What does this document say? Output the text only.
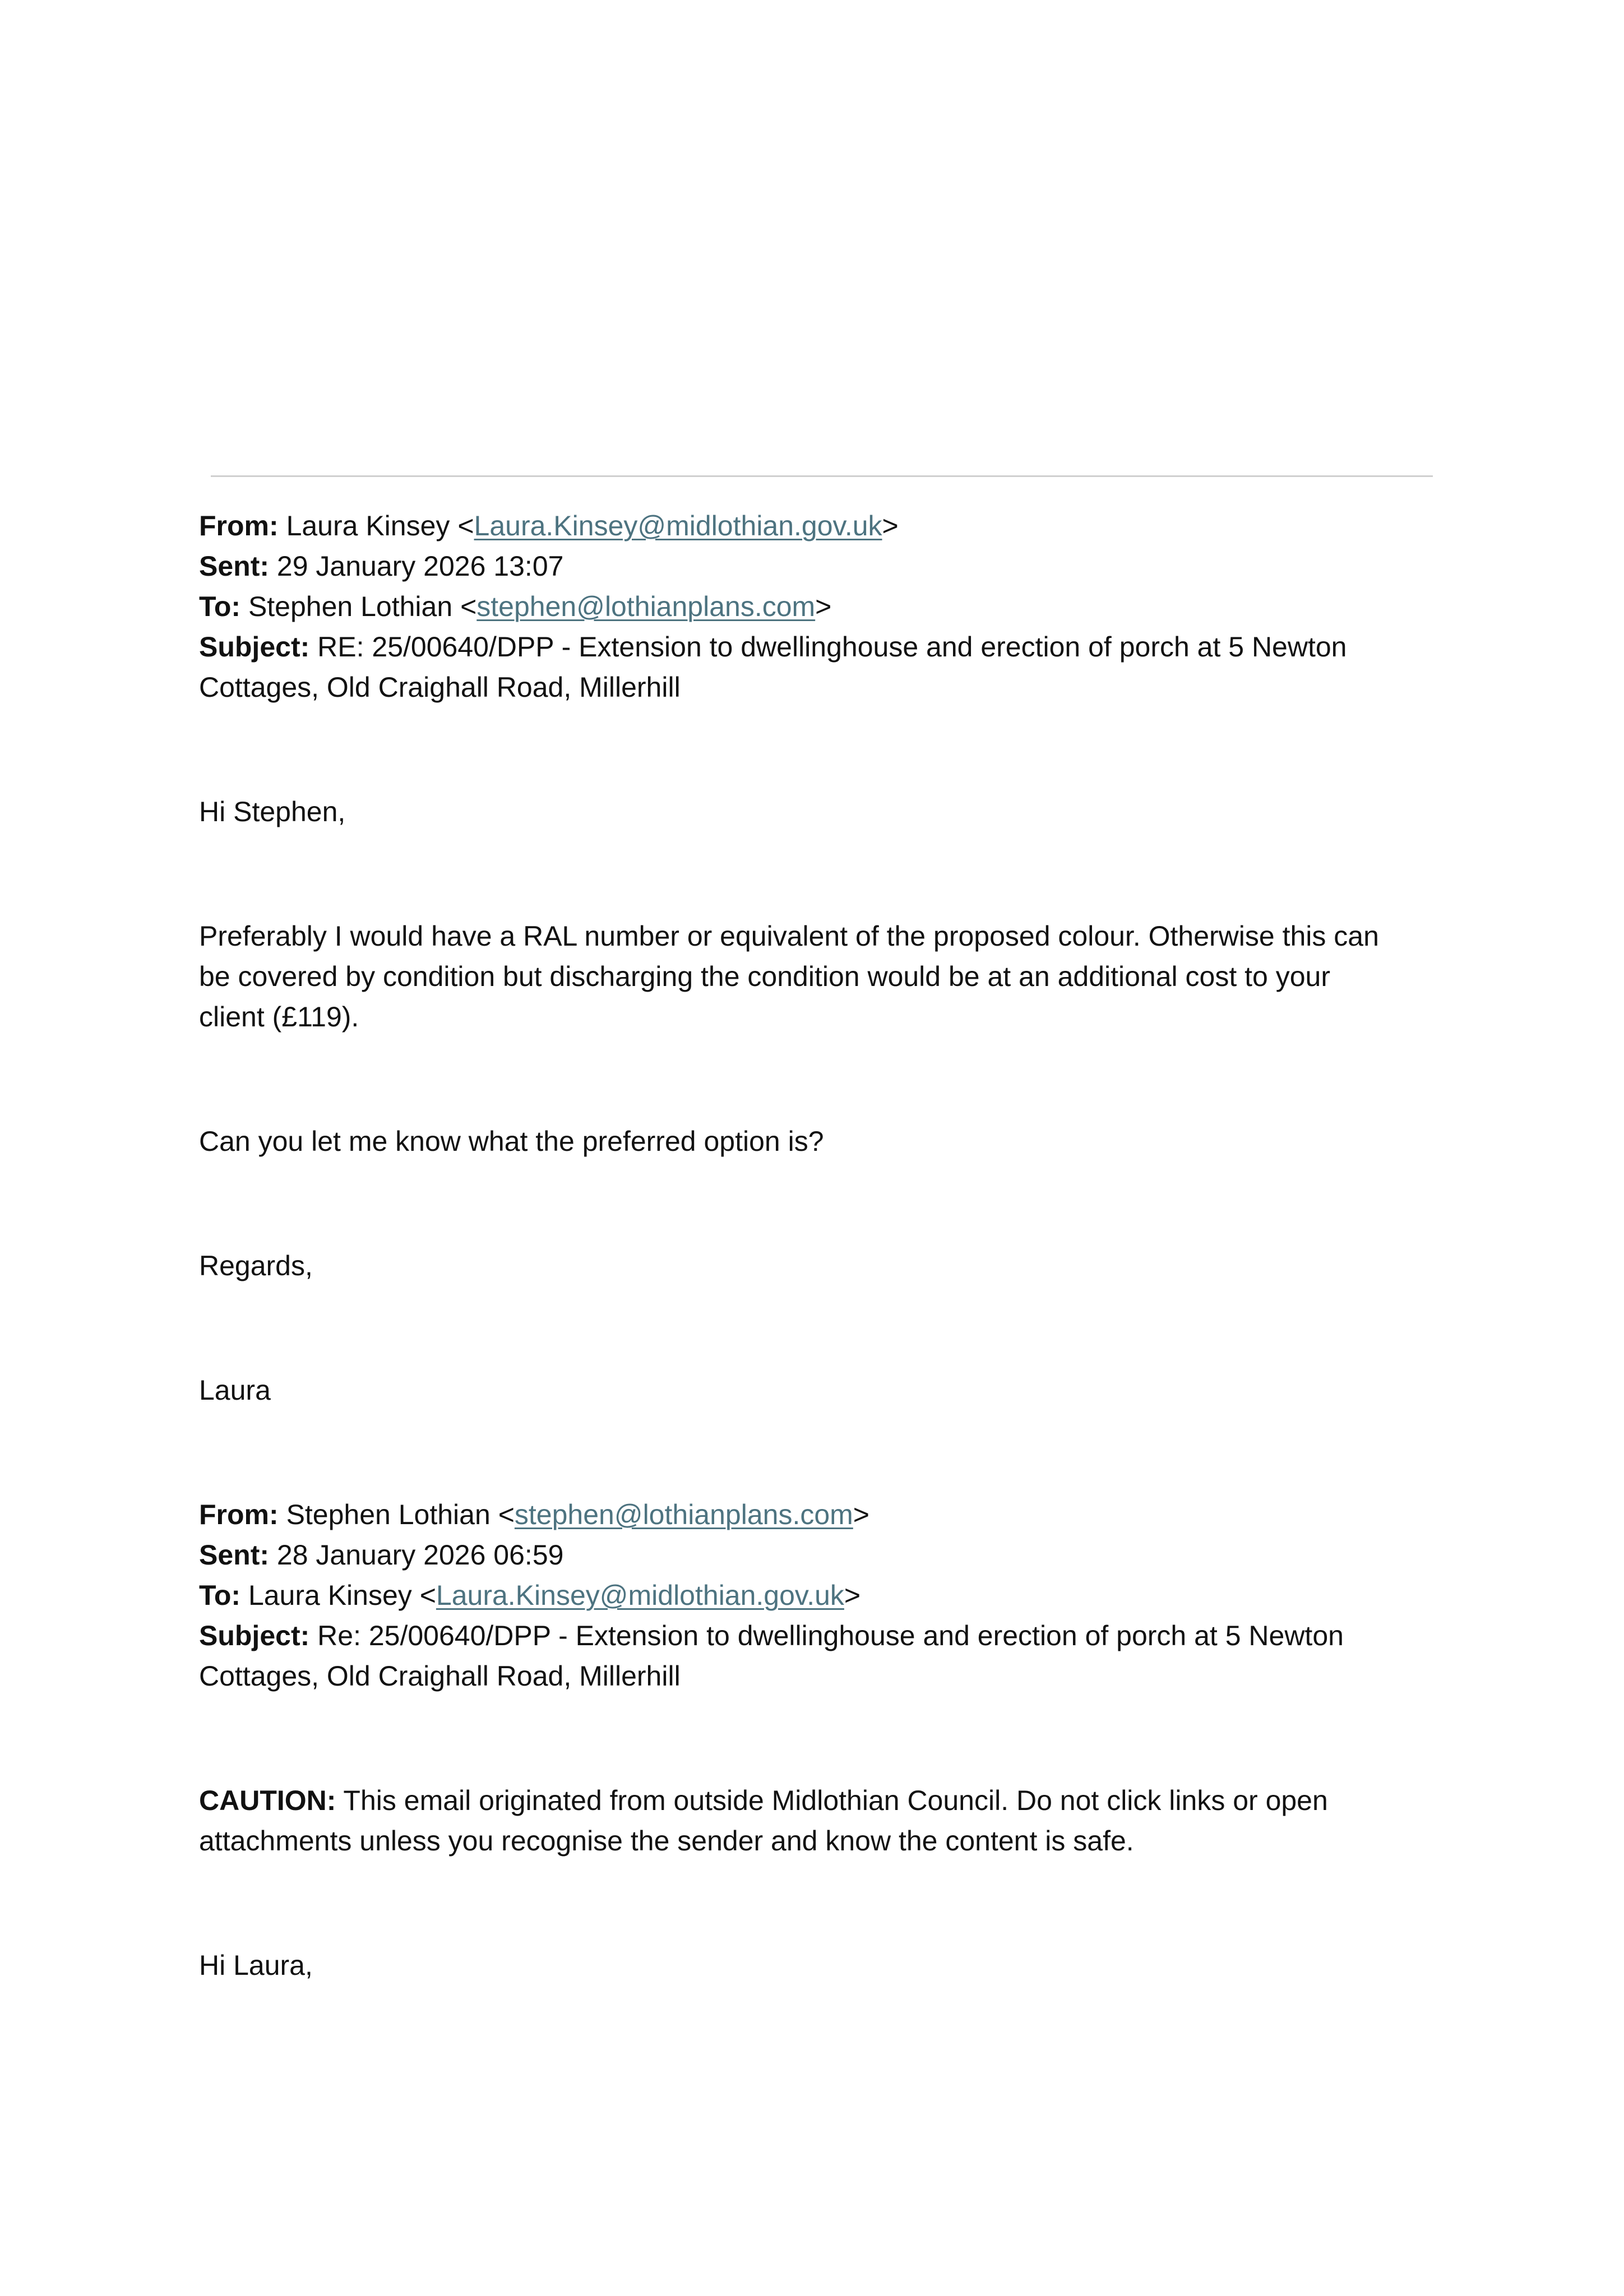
From: Laura Kinsey <Laura.Kinsey@midlothian.gov.uk>
Sent: 29 January 2026 13:07
To: Stephen Lothian <stephen@lothianplans.com>
Subject: RE: 25/00640/DPP - Extension to dwellinghouse and erection of porch at 5 Newton
Cottages, Old Craighall Road, Millerhill
Hi Stephen,
Preferably I would have a RAL number or equivalent of the proposed colour. Otherwise this can
be covered by condition but discharging the condition would be at an additional cost to your
client (£119).
Can you let me know what the preferred option is?
Regards,
Laura
From: Stephen Lothian <stephen@lothianplans.com>
Sent: 28 January 2026 06:59
To: Laura Kinsey <Laura.Kinsey@midlothian.gov.uk>
Subject: Re: 25/00640/DPP - Extension to dwellinghouse and erection of porch at 5 Newton
Cottages, Old Craighall Road, Millerhill
CAUTION: This email originated from outside Midlothian Council. Do not click links or open
attachments unless you recognise the sender and know the content is safe.
Hi Laura,
